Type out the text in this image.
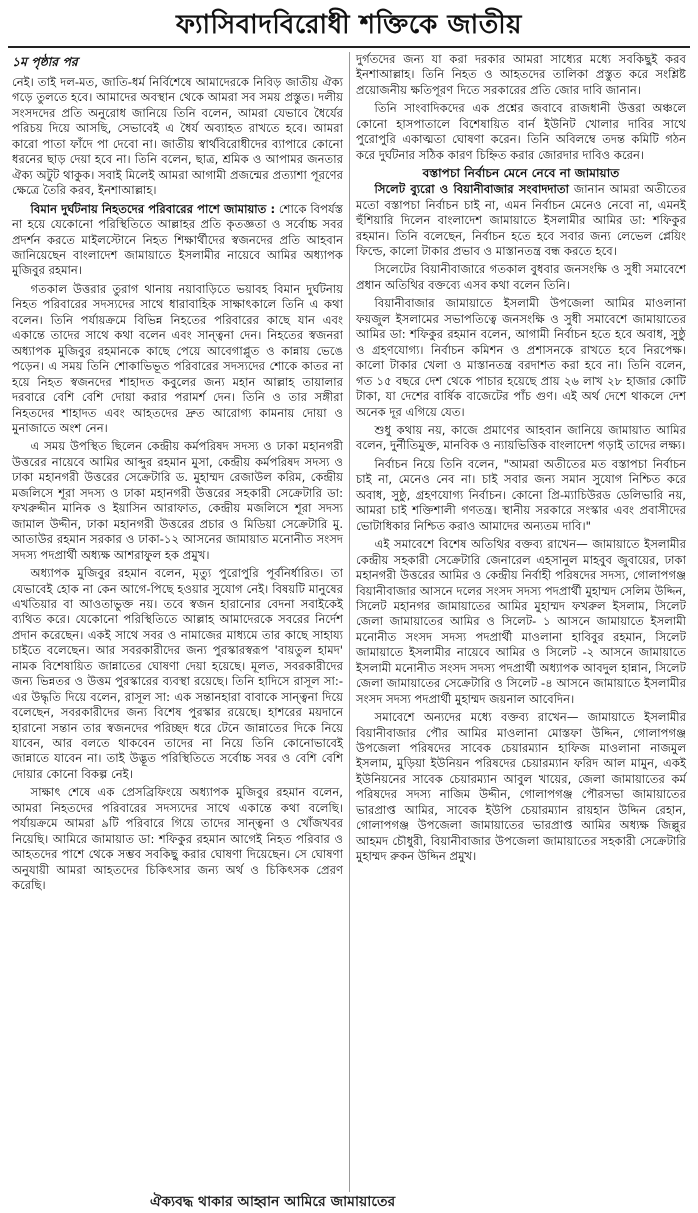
ফ্যাসিবাদবিরোধী শক্তিকে জাতীয়
১ম পৃষ্ঠার পর

নেই। তাই দল-মত, জাতি-ধর্ম নির্বিশেষে আমাদেরকে নিবিড় জাতীয় ঐক্য গড়ে তুলতে হবে। আমাদের অবস্থান থেকে আমরা সব সময় প্রস্তুত। দলীয় সংসদদের প্রতি অনুরোধ জানিয়ে তিনি বলেন, আমরা যেভাবে ধৈর্যের পরিচয় দিয়ে আসছি, সেভাবেই এ ধৈর্য অব্যাহত রাখতে হবে। আমরা কারো পাতা ফাঁদে পা দেবো না। জাতীয় স্বার্থবিরোধীদের ব্যাপারে কোনো ধরনের ছাড় দেয়া হবে না। তিনি বলেন, ছাত্র, শ্রমিক ও আপামর জনতার ঐক্য অটুট থাকুক। সবাই মিলেই আমরা আগামী প্রজন্মের প্রত্যাশা পূরণের ক্ষেত্রে তৈরি করব, ইনশাআল্লাহ।

বিমান দুর্ঘটনায় নিহতদের পরিবারের পাশে জামায়াত : শোকে বিপর্যস্ত না হয়ে যেকোনো পরিস্থিতিতে আল্লাহর প্রতি কৃতজ্ঞতা ও সর্বোচ্চ সবর প্রদর্শন করতে মাইলস্টোনে নিহত শিক্ষার্থীদের স্বজনদের প্রতি আহবান জানিয়েছেন বাংলাদেশ জামায়াতে ইসলামীর নায়েবে আমির অধ্যাপক মুজিবুর রহমান।

গতকাল উত্তরার তুরাগ থানায় নয়াবাড়িতে ভয়াবহ বিমান দুর্ঘটনায় নিহত পরিবারের সদস্যদের সাথে ধারাবাহিক সাক্ষাৎকালে তিনি এ কথা বলেন। তিনি পর্যায়ক্রমে বিভিন্ন নিহতের পরিবারের কাছে যান এবং একান্তে তাদের সাথে কথা বলেন এবং সান্ত্বনা দেন। নিহতের স্বজনরা অধ্যাপক মুজিবুর রহমানকে কাছে পেয়ে আবেগাপ্লুত ও কান্নায় ভেঙে পড়েন। এ সময় তিনি শোকাভিভূত পরিবারের সদস্যদের শোকে কাতর না হয়ে নিহত স্বজনদের শাহাদত কবুলের জন্য মহান আল্লাহ তায়ালার দরবারে বেশি বেশি দোয়া করার পরামর্শ দেন। তিনি ও তার সঙ্গীরা নিহতদের শাহাদত এবং আহতদের দ্রুত আরোগ্য কামনায় দোয়া ও মুনাজাতে অংশ নেন।

এ সময় উপস্থিত ছিলেন কেন্দ্রীয় কর্মপরিষদ সদস্য ও ঢাকা মহানগরী উত্তরের নায়েবে আমির আব্দুর রহমান মুসা, কেন্দ্রীয় কর্মপরিষদ সদস্য ও ঢাকা মহানগরী উত্তরের সেক্রেটারি ড. মুহাম্মদ রেজাউল করিম, কেন্দ্রীয় মজলিসে শূরা সদস্য ও ঢাকা মহানগরী উত্তরের সহকারী সেক্রেটারি ডা: ফখরুদ্দীন মানিক ও ইয়াসিন আরাফাত, কেন্দ্রীয় মজলিসে শূরা সদস্য জামাল উদ্দীন, ঢাকা মহানগরী উত্তরের প্রচার ও মিডিয়া সেক্রেটারি মু. আতাউর রহমান সরকার ও ঢাকা-১২ আসনের জামায়াত মনোনীত সংসদ সদস্য পদপ্রার্থী অধ্যক্ষ আশরাফুল হক প্রমুখ।

অধ্যাপক মুজিবুর রহমান বলেন, মৃত্যু পুরোপুরি পূর্বনির্ধারিত। তা যেভাবেই হোক না কেন আগে-পিছে হওয়ার সুযোগ নেই। বিষয়টি মানুষের এখতিয়ার বা আওতাভুক্ত নয়। তবে স্বজন হারানোর বেদনা সবাইকেই ব্যথিত করে। যেকোনো পরিস্থিতিতে আল্লাহ আমাদেরকে সবরের নির্দেশ প্রদান করেছেন। একই সাথে সবর ও নামাজের মাধ্যমে তার কাছে সাহায্য চাইতে বলেছেন। আর সবরকারীদের জন্য পুরস্কারস্বরূপ 'বায়তুল হামদ' নামক বিশেষায়িত জান্নাতের ঘোষণা দেয়া হয়েছে। মূলত, সবরকারীদের জন্য ভিন্নতর ও উত্তম পুরস্কারের ব্যবস্থা রয়েছে। তিনি হাদিসে রাসূল সা:-এর উদ্ধৃতি দিয়ে বলেন, রাসূল সা: এক সন্তানহারা বাবাকে সান্ত্বনা দিয়ে বলেছেন, সবরকারীদের জন্য বিশেষ পুরস্কার রয়েছে। হাশরের ময়দানে হারানো সন্তান তার স্বজনদের পরিচ্ছদ ধরে টেনে জান্নাতের দিকে নিয়ে যাবেন, আর বলতে থাকবেন তাদের না নিয়ে তিনি কোনোভাবেই জান্নাতে যাবেন না। তাই উদ্ভূত পরিস্থিতিতে সর্বোচ্চ সবর ও বেশি বেশি দোয়ার কোনো বিকল্প নেই।

সাক্ষাৎ শেষে এক প্রেসব্রিফিংয়ে অধ্যাপক মুজিবুর রহমান বলেন, আমরা নিহতদের পরিবারের সদস্যদের সাথে একান্তে কথা বলেছি। পর্যায়ক্রমে আমরা ৯টি পরিবারে গিয়ে তাদের সান্ত্বনা ও খোঁজখবর নিয়েছি। আমিরে জামায়াত ডা: শফিকুর রহমান আগেই নিহত পরিবার ও আহতদের পাশে থেকে সম্ভব সবকিছু করার ঘোষণা দিয়েছেন। সে ঘোষণা অনুযায়ী আমরা আহতদের চিকিৎসার জন্য অর্থ ও চিকিৎসক প্রেরণ করেছি।

দুর্গতদের জন্য যা করা দরকার আমরা সাধ্যের মধ্যে সবকিছুই করব ইনশাআল্লাহ। তিনি নিহত ও আহতদের তালিকা প্রস্তুত করে সংশ্লিষ্ট প্রয়োজনীয় ক্ষতিপূরণ দিতে সরকারের প্রতি জোর দাবি জানান।

তিনি সাংবাদিকদের এক প্রশ্নের জবাবে রাজধানী উত্তরা অঞ্চলে কোনো হাসপাতালে বিশেষায়িত বার্ন ইউনিট খোলার দাবির সাথে পুরোপুরি একাত্মতা ঘোষণা করেন। তিনি অবিলম্বে তদন্ত কমিটি গঠন করে দুর্ঘটনার সঠিক কারণ চিহ্নিত করার জোরদার দাবিও করেন।

বস্তাপচা নির্বাচন মেনে নেবে না জামায়াত

সিলেট ব্যুরো ও বিয়ানীবাজার সংবাদদাতা জানান আমরা অতীতের মতো বস্তাপচা নির্বাচন চাই না, এমন নির্বাচন মেনেও নেবো না, এমনই হুঁশিয়ারি দিলেন বাংলাদেশ জামায়াতে ইসলামীর আমির ডা: শফিকুর রহমান। তিনি বলেছেন, নির্বাচন হতে হবে সবার জন্য লেভেল প্লেয়িং ফিল্ডে, কালো টাকার প্রভাব ও মাস্তানতন্ত্র বন্ধ করতে হবে।

সিলেটের বিয়ানীবাজারে গতকাল বুধবার জনসংক্ষি ও সুধী সমাবেশে প্রধান অতিথির বক্তব্যে এসব কথা বলেন তিনি।

বিয়ানীবাজার জামায়াতে ইসলামী উপজেলা আমির মাওলানা ফয়জুল ইসলামের সভাপতিত্বে জনসংক্ষি ও সুধী সমাবেশে জামায়াতের আমির ডা: শফিকুর রহমান বলেন, আগামী নির্বাচন হতে হবে অবাধ, সুষ্ঠু ও গ্রহণযোগ্য। নির্বাচন কমিশন ও প্রশাসনকে রাখতে হবে নিরপেক্ষ। কালো টাকার খেলা ও মাস্তানতন্ত্র বরদাশত করা হবে না। তিনি বলেন, গত ১৫ বছরে দেশ থেকে পাচার হয়েছে প্রায় ২৬ লাখ ২৮ হাজার কোটি টাকা, যা দেশের বার্ষিক বাজেটের পাঁচ গুণ। এই অর্থ দেশে থাকলে দেশ অনেক দূর এগিয়ে যেত।

শুধু কথায় নয়, কাজে প্রমাণের আহবান জানিয়ে জামায়াত আমির বলেন, দুর্নীতিমুক্ত, মানবিক ও ন্যায়ভিত্তিক বাংলাদেশ গড়াই তাদের লক্ষ্য।

নির্বাচন নিয়ে তিনি বলেন, "আমরা অতীতের মত বস্তাপচা নির্বাচন চাই না, মেনেও নেব না। চাই সবার জন্য সমান সুযোগ নিশ্চিত করে অবাধ, সুষ্ঠু, গ্রহণযোগ্য নির্বাচন। কোনো প্রি-ম্যাচিউরড ডেলিভারি নয়, আমরা চাই শক্তিশালী গণতন্ত্র। স্থানীয় সরকারে সংস্কার এবং প্রবাসীদের ভোটাধিকার নিশ্চিত করাও আমাদের অন্যতম দাবি।"

এই সমাবেশে বিশেষ অতিথির বক্তব্য রাখেন— জামায়াতে ইসলামীর কেন্দ্রীয় সহকারী সেক্রেটারি জেনারেল এহসানুল মাহবুব জুবায়ের, ঢাকা মহানগরী উত্তরের আমির ও কেন্দ্রীয় নির্বাহী পরিষদের সদস্য, গোলাপগঞ্জ বিয়ানীবাজার আসনে দলের সংসদ সদস্য পদপ্রার্থী মুহাম্মদ সেলিম উদ্দিন, সিলেট মহানগর জামায়াতের আমির মুহাম্মদ ফখরুল ইসলাম, সিলেট জেলা জামায়াতের আমির ও সিলেট- ১ আসনে জামায়াতে ইসলামী মনোনীত সংসদ সদস্য পদপ্রার্থী মাওলানা হাবিবুর রহমান, সিলেট জামায়াতে ইসলামীর নায়েবে আমির ও সিলেট -২ আসনে জামায়াতে ইসলামী মনোনীত সংসদ সদস্য পদপ্রার্থী অধ্যাপক আবদুল হান্নান, সিলেট জেলা জামায়াতের সেক্রেটারি ও সিলেট -৪ আসনে জামায়াতে ইসলামীর সংসদ সদস্য পদপ্রার্থী মুহাম্মদ জয়নাল আবেদিন।

সমাবেশে অন্যদের মধ্যে বক্তব্য রাখেন— জামায়াতে ইসলামীর বিয়ানীবাজার পৌর আমির মাওলানা মোস্তফা উদ্দিন, গোলাপগঞ্জ উপজেলা পরিষদের সাবেক চেয়ারম্যান হাফিজ মাওলানা নাজমুল ইসলাম, মুড়িয়া ইউনিয়ন পরিষদের চেয়ারম্যান ফরিদ আল মামুন, একই ইউনিয়নের সাবেক চেয়ারম্যান আবুল খায়ের, জেলা জামায়াতের কর্ম পরিষদের সদস্য নাজিম উদ্দীন, গোলাপগঞ্জ পৌরসভা জামায়াতের ভারপ্রাপ্ত আমির, সাবেক ইউপি চেয়ারম্যান রায়হান উদ্দিন রেহান, গোলাপগঞ্জ উপজেলা জামায়াতের ভারপ্রাপ্ত আমির অধ্যক্ষ জিল্লুর আহমদ চৌধুরী, বিয়ানীবাজার উপজেলা জামায়াতের সহকারী সেক্রেটারি মুহাম্মদ রুকন উদ্দিন প্রমুখ।

ঐক্যবদ্ধ থাকার আহ্বান আমিরে জামায়াতের
